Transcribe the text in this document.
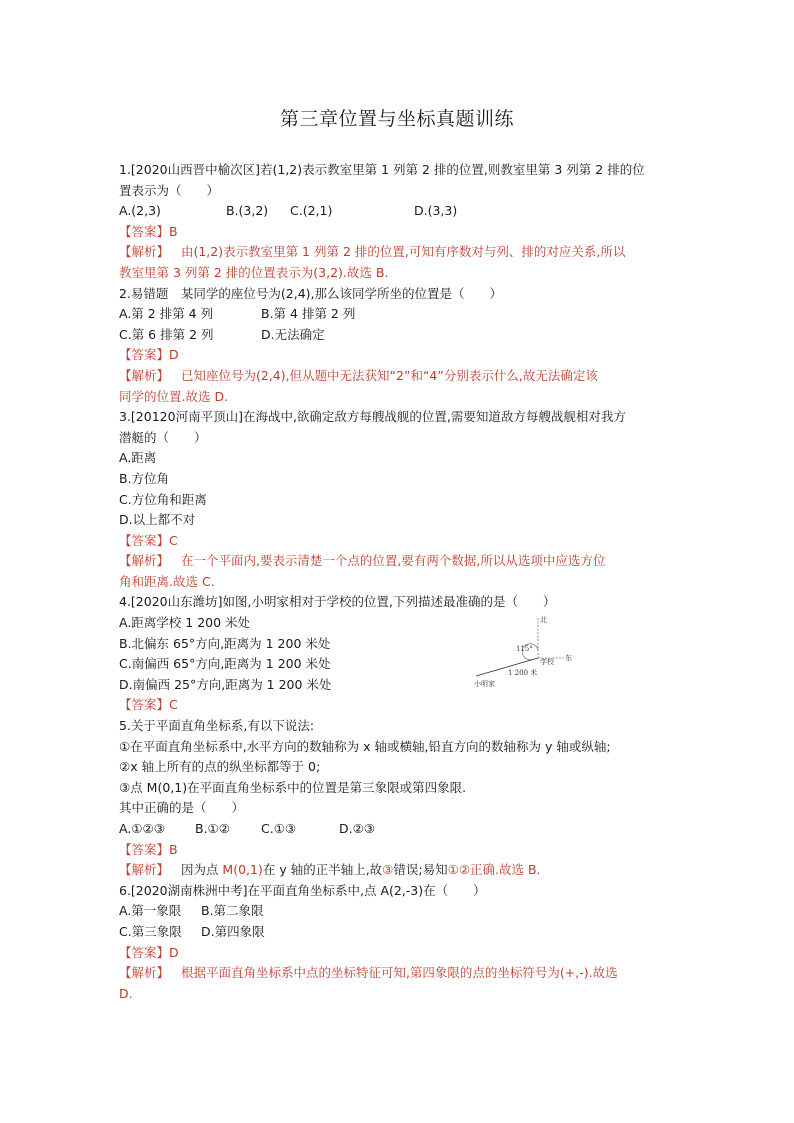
第三章位置与坐标真题训练
1.[2020山西晋中榆次区]若(1,2)表示教室里第 1 列第 2 排的位置,则教室里第 3 列第 2 排的位
置表示为（　　）
A.(2,3)	B.(3,2) C.(2,1)	D.(3,3)
【答案】B
【解析】 由(1,2)表示教室里第 1 列第 2 排的位置,可知有序数对与列、排的对应关系,所以
教室里第 3 列第 2 排的位置表示为(3,2).故选 B.
2.易错题　某同学的座位号为(2,4),那么该同学所坐的位置是（　　）
A.第 2 排第 4 列	B.第 4 排第 2 列
C.第 6 排第 2 列	D.无法确定
【答案】D
【解析】 已知座位号为(2,4),但从题中无法获知“2”和“4”分别表示什么,故无法确定该
同学的位置.故选 D.
3.[20120河南平顶山]在海战中,欲确定敌方每艘战舰的位置,需要知道敌方每艘战舰相对我方
潜艇的（　　）
A.距离
B.方位角
C.方位角和距离
D.以上都不对
【答案】C
【解析】 在一个平面内,要表示清楚一个点的位置,要有两个数据,所以从选项中应选方位
角和距离.故选 C.
4.[2020山东潍坊]如图,小明家相对于学校的位置,下列描述最准确的是（　　）
A.距离学校 1 200 米处
B.北偏东 65°方向,距离为 1 200 米处
C.南偏西 65°方向,距离为 1 200 米处
D.南偏西 25°方向,距离为 1 200 米处
【答案】C
5.关于平面直角坐标系,有以下说法:
①在平面直角坐标系中,水平方向的数轴称为 x 轴或横轴,铅直方向的数轴称为 y 轴或纵轴;
②x 轴上所有的点的纵坐标都等于 0;
③点 M(0,1)在平面直角坐标系中的位置是第三象限或第四象限.
其中正确的是（　　）
A.①②③ B.①② C.①③	D.②③
【答案】B
【解析】 因为点 M(0,1)在 y 轴的正半轴上,故③错误;易知①②正确.故选 B.
6.[2020湖南株洲中考]在平面直角坐标系中,点 A(2,-3)在（　　）
A.第一象限 B.第二象限
C.第三象限 D.第四象限
【答案】D
【解析】 根据平面直角坐标系中点的坐标特征可知,第四象限的点的坐标符号为(+,-).故选
D.
北
东
115°
学校
1 200 米
小明家
